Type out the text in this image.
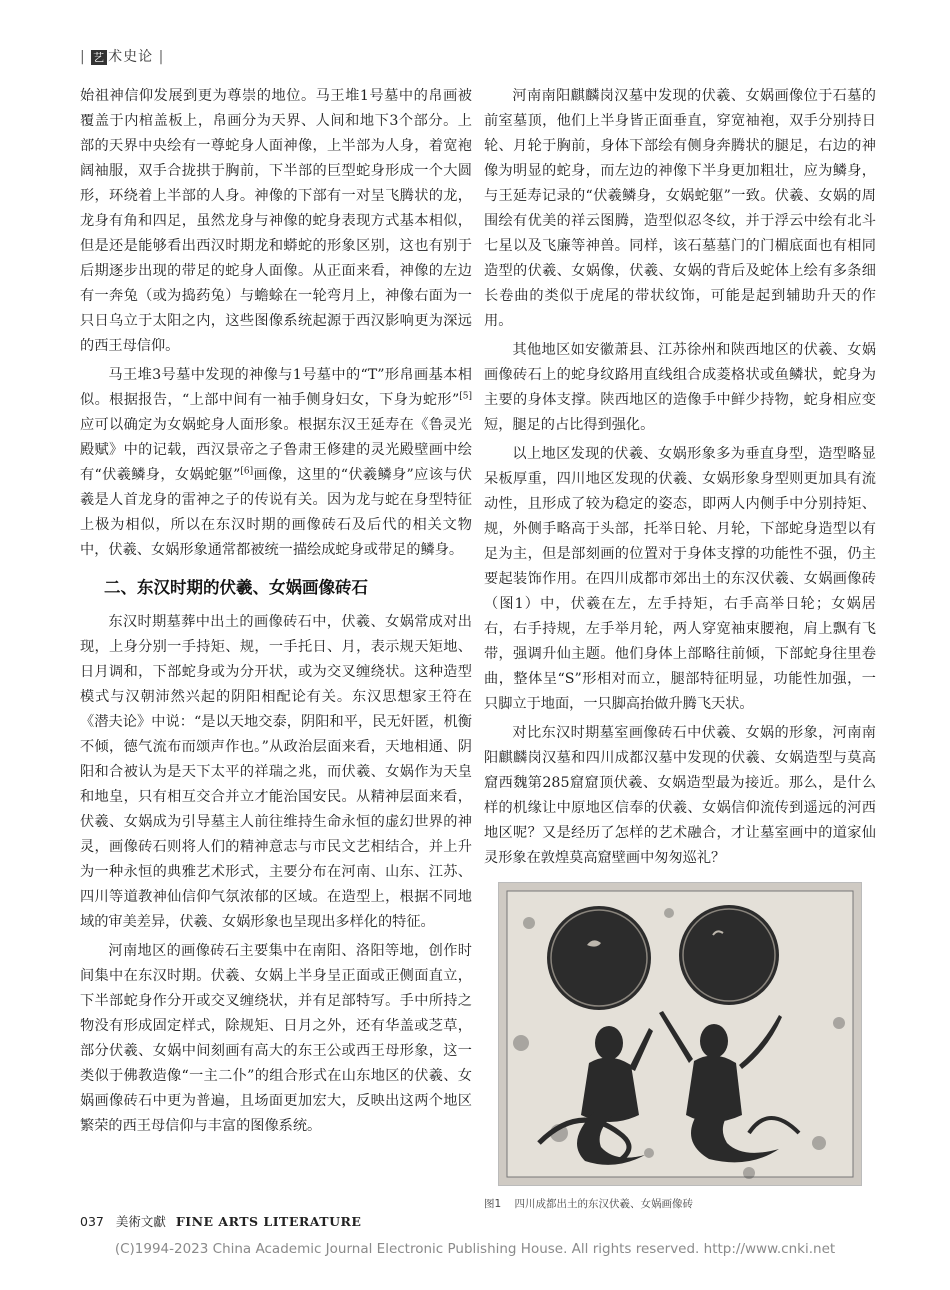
| 艺 术史论 |

始祖神信仰发展到更为尊崇的地位。马王堆1号墓中的帛画被覆盖于内棺盖板上，帛画分为天界、人间和地下3个部分。上部的天界中央绘有一尊蛇身人面神像，上半部为人身，着宽袍阔袖服，双手合拢拱于胸前，下半部的巨型蛇身形成一个大圆形，环绕着上半部的人身。神像的下部有一对呈飞腾状的龙，龙身有角和四足，虽然龙身与神像的蛇身表现方式基本相似，但是还是能够看出西汉时期龙和蟒蛇的形象区别，这也有别于后期逐步出现的带足的蛇身人面像。从正面来看，神像的左边有一奔兔（或为捣药兔）与蟾蜍在一轮弯月上，神像右面为一只日乌立于太阳之内，这些图像系统起源于西汉影响更为深远的西王母信仰。

马王堆3号墓中发现的神像与1号墓中的“T”形帛画基本相似。根据报告，“上部中间有一袖手侧身妇女，下身为蛇形”[5]应可以确定为女娲蛇身人面形象。根据东汉王延寿在《鲁灵光殿赋》中的记载，西汉景帝之子鲁肃王修建的灵光殿壁画中绘有“伏羲鳞身，女娲蛇躯”[6]画像，这里的“伏羲鳞身”应该与伏羲是人首龙身的雷神之子的传说有关。因为龙与蛇在身型特征上极为相似，所以在东汉时期的画像砖石及后代的相关文物中，伏羲、女娲形象通常都被统一描绘成蛇身或带足的鳞身。

二、东汉时期的伏羲、女娲画像砖石

东汉时期墓葬中出土的画像砖石中，伏羲、女娲常成对出现，上身分别一手持矩、规，一手托日、月，表示规天矩地、日月调和，下部蛇身或为分开状，或为交叉缠绕状。这种造型模式与汉朝沛然兴起的阴阳相配论有关。东汉思想家王符在《潜夫论》中说：“是以天地交泰，阴阳和平，民无奸匿，机衡不倾，德气流布而颂声作也。”从政治层面来看，天地相通、阴阳和合被认为是天下太平的祥瑞之兆，而伏羲、女娲作为天皇和地皇，只有相互交合并立才能治国安民。从精神层面来看，伏羲、女娲成为引导墓主人前往维持生命永恒的虚幻世界的神灵，画像砖石则将人们的精神意志与市民文艺相结合，并上升为一种永恒的典雅艺术形式，主要分布在河南、山东、江苏、四川等道教神仙信仰气氛浓郁的区域。在造型上，根据不同地域的审美差异，伏羲、女娲形象也呈现出多样化的特征。

河南地区的画像砖石主要集中在南阳、洛阳等地，创作时间集中在东汉时期。伏羲、女娲上半身呈正面或正侧面直立，下半部蛇身作分开或交叉缠绕状，并有足部特写。手中所持之物没有形成固定样式，除规矩、日月之外，还有华盖或芝草，部分伏羲、女娲中间刻画有高大的东王公或西王母形象，这一类似于佛教造像“一主二仆”的组合形式在山东地区的伏羲、女娲画像砖石中更为普遍，且场面更加宏大，反映出这两个地区繁荣的西王母信仰与丰富的图像系统。

河南南阳麒麟岗汉墓中发现的伏羲、女娲画像位于石墓的前室墓顶，他们上半身皆正面垂直，穿宽袖袍，双手分别持日轮、月轮于胸前，身体下部绘有侧身奔腾状的腿足，右边的神像为明显的蛇身，而左边的神像下半身更加粗壮，应为鳞身，与王延寿记录的“伏羲鳞身，女娲蛇躯”一致。伏羲、女娲的周围绘有优美的祥云图腾，造型似忍冬纹，并于浮云中绘有北斗七星以及飞廉等神兽。同样，该石墓墓门的门楣底面也有相同造型的伏羲、女娲像，伏羲、女娲的背后及蛇体上绘有多条细长卷曲的类似于虎尾的带状纹饰，可能是起到辅助升天的作用。

其他地区如安徽萧县、江苏徐州和陕西地区的伏羲、女娲画像砖石上的蛇身纹路用直线组合成菱格状或鱼鳞状，蛇身为主要的身体支撑。陕西地区的造像手中鲜少持物，蛇身相应变短，腿足的占比得到强化。

以上地区发现的伏羲、女娲形象多为垂直身型，造型略显呆板厚重，四川地区发现的伏羲、女娲形象身型则更加具有流动性，且形成了较为稳定的姿态，即两人内侧手中分别持矩、规，外侧手略高于头部，托举日轮、月轮，下部蛇身造型以有足为主，但是部刻画的位置对于身体支撑的功能性不强，仍主要起装饰作用。在四川成都市郊出土的东汉伏羲、女娲画像砖（图1）中，伏羲在左，左手持矩，右手高举日轮；女娲居右，右手持规，左手举月轮，两人穿宽袖束腰袍，肩上飘有飞带，强调升仙主题。他们身体上部略往前倾，下部蛇身往里卷曲，整体呈“S”形相对而立，腿部特征明显，功能性加强，一只脚立于地面，一只脚高抬做升腾飞天状。

对比东汉时期墓室画像砖石中伏羲、女娲的形象，河南南阳麒麟岗汉墓和四川成都汉墓中发现的伏羲、女娲造型与莫高窟西魏第285窟窟顶伏羲、女娲造型最为接近。那么，是什么样的机缘让中原地区信奉的伏羲、女娲信仰流传到遥远的河西地区呢？又是经历了怎样的艺术融合，才让墓室画中的道家仙灵形象在敦煌莫高窟壁画中匆匆巡礼？

图1 四川成都出土的东汉伏羲、女娲画像砖
037 美術文獻 FINE ARTS LITERATURE
(C)1994-2023 China Academic Journal Electronic Publishing House. All rights reserved. http://www.cnki.net
